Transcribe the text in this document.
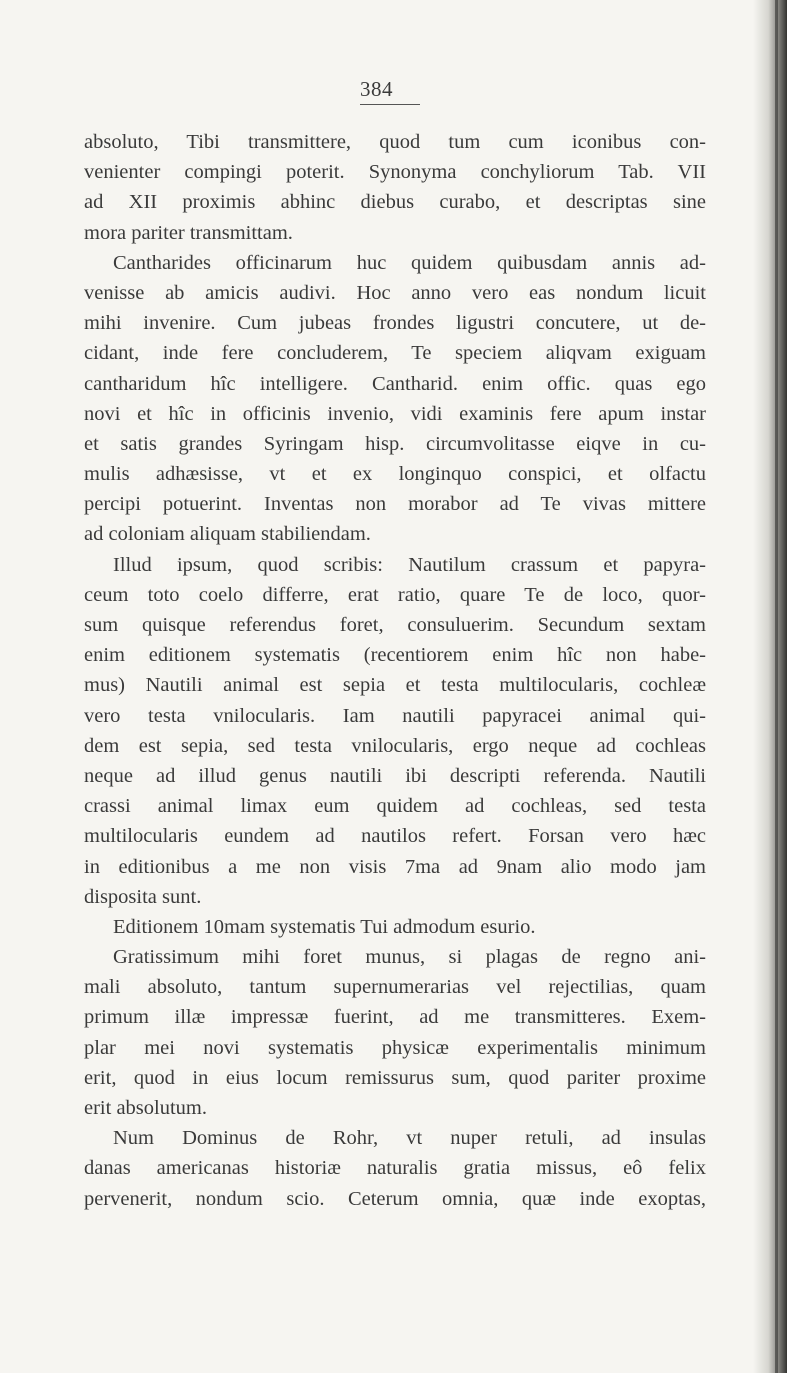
384
absoluto, Tibi transmittere, quod tum cum iconibus con-
venienter compingi poterit. Synonyma conchyliorum Tab. VII
ad XII proximis abhinc diebus curabo, et descriptas sine
mora pariter transmittam.
Cantharides officinarum huc quidem quibusdam annis ad-
venisse ab amicis audivi. Hoc anno vero eas nondum licuit
mihi invenire. Cum jubeas frondes ligustri concutere, ut de-
cidant, inde fere concluderem, Te speciem aliqvam exiguam
cantharidum hîc intelligere. Cantharid. enim offic. quas ego
novi et hîc in officinis invenio, vidi examinis fere apum instar
et satis grandes Syringam hisp. circumvolitasse eiqve in cu-
mulis adhæsisse, vt et ex longinquo conspici, et olfactu
percipi potuerint. Inventas non morabor ad Te vivas mittere
ad coloniam aliquam stabiliendam.
Illud ipsum, quod scribis: Nautilum crassum et papyra-
ceum toto coelo differre, erat ratio, quare Te de loco, quor-
sum quisque referendus foret, consuluerim. Secundum sextam
enim editionem systematis (recentiorem enim hîc non habe-
mus) Nautili animal est sepia et testa multilocularis, cochleæ
vero testa vnilocularis. Iam nautili papyracei animal qui-
dem est sepia, sed testa vnilocularis, ergo neque ad cochleas
neque ad illud genus nautili ibi descripti referenda. Nautili
crassi animal limax eum quidem ad cochleas, sed testa
multilocularis eundem ad nautilos refert. Forsan vero hæc
in editionibus a me non visis 7ma ad 9nam alio modo jam
disposita sunt.
Editionem 10mam systematis Tui admodum esurio.
Gratissimum mihi foret munus, si plagas de regno ani-
mali absoluto, tantum supernumerarias vel rejectilias, quam
primum illæ impressæ fuerint, ad me transmitteres. Exem-
plar mei novi systematis physicæ experimentalis minimum
erit, quod in eius locum remissurus sum, quod pariter proxime
erit absolutum.
Num Dominus de Rohr, vt nuper retuli, ad insulas
danas americanas historiæ naturalis gratia missus, eô felix
pervenerit, nondum scio. Ceterum omnia, quæ inde exoptas,
